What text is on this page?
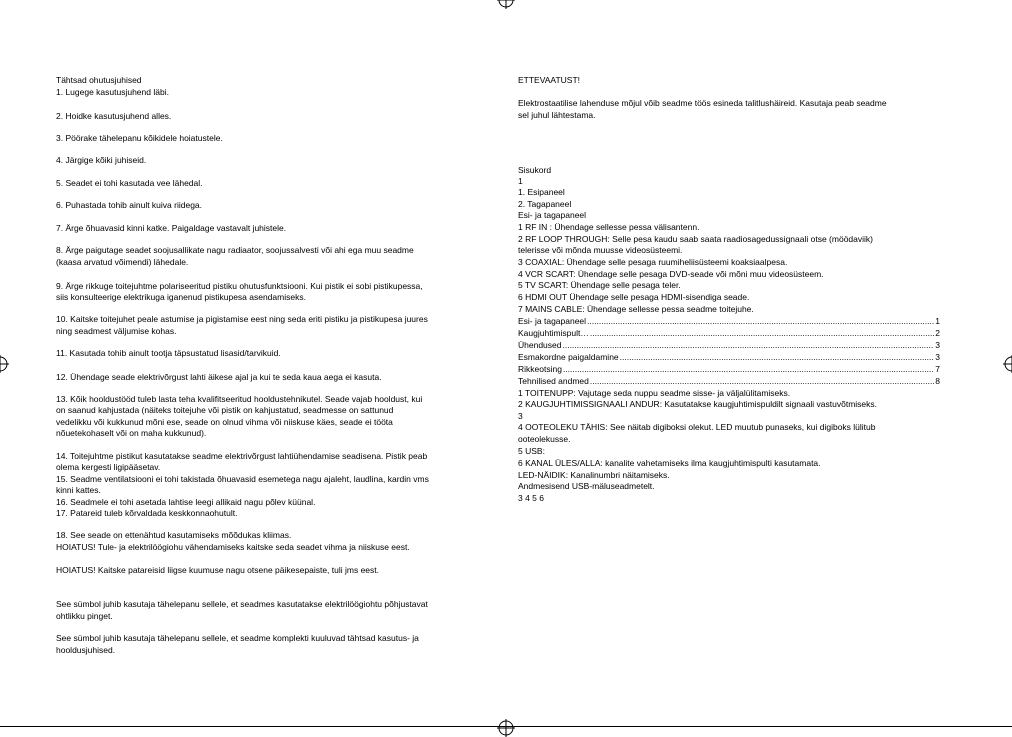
Tähtsad ohutusjuhised
1. Lugege kasutusjuhend läbi.
2. Hoidke kasutusjuhend alles.
3. Pöörake tähelepanu kõikidele hoiatustele.
4. Järgige kõiki juhiseid.
5. Seadet ei tohi kasutada vee lähedal.
6. Puhastada tohib ainult kuiva riidega.
7. Ärge õhuavasid kinni katke. Paigaldage vastavalt juhistele.
8. Ärge paigutage seadet soojusallikate nagu radiaator, soojussalvesti või ahi ega muu seadme
(kaasa arvatud võimendi) lähedale.
9. Ärge rikkuge toitejuhtme polariseeritud pistiku ohutusfunktsiooni. Kui pistik ei sobi pistikupessa,
siis konsulteerige elektrikuga iganenud pistikupesa asendamiseks.
10. Kaitske toitejuhet peale astumise ja pigistamise eest ning seda eriti pistiku ja pistikupesa juures
ning seadmest väljumise kohas.
11. Kasutada tohib ainult tootja täpsustatud lisasid/tarvikuid.
12. Ühendage seade elektrivõrgust lahti äikese ajal ja kui te seda kaua aega ei kasuta.
13. Kõik hooldustööd tuleb lasta teha kvalifitseeritud hooldustehnikutel. Seade vajab hooldust, kui
on saanud kahjustada (näiteks toitejuhe või pistik on kahjustatud, seadmesse on sattunud
vedelikku või kukkunud mõni ese, seade on olnud vihma või niiskuse käes, seade ei tööta
nõuetekohaselt või on maha kukkunud).
14. Toitejuhtme pistikut kasutatakse seadme elektrivõrgust lahtiühendamise seadisena. Pistik peab
olema kergesti ligipääsetav.
15. Seadme ventilatsiooni ei tohi takistada õhuavasid esemetega nagu ajaleht, laudlina, kardin vms
kinni kattes.
16. Seadmele ei tohi asetada lahtise leegi allikaid nagu põlev küünal.
17. Patareid tuleb kõrvaldada keskkonnaohutult.
18. See seade on ettenähtud kasutamiseks mõõdukas kliimas.
HOIATUS! Tule- ja elektrilöögiohu vähendamiseks kaitske seda seadet vihma ja niiskuse eest.
HOIATUS! Kaitske patareisid liigse kuumuse nagu otsene päikesepaiste, tuli jms eest.
See sümbol juhib kasutaja tähelepanu sellele, et seadmes kasutatakse elektrilöögiohtu põhjustavat
ohtlikku pinget.
See sümbol juhib kasutaja tähelepanu sellele, et seadme komplekti kuuluvad tähtsad kasutus- ja
hooldusjuhised.
ETTEVAATUST!
Elektrostaatilise lahenduse mõjul võib seadme töös esineda talitlushäireid. Kasutaja peab seadme
sel juhul lähtestama.
Sisukord
1
1. Esipaneel
2. Tagapaneel
Esi- ja tagapaneel
1 RF IN : Ühendage sellesse pessa välisantenn.
2 RF LOOP THROUGH: Selle pesa kaudu saab saata raadiosagedussignaali otse (möödaviik)
telerisse või mõnda muusse videosüsteemi.
3 COAXIAL: Ühendage selle pesaga ruumiheliisüsteemi koaksiaalpesa.
4 VCR SCART: Ühendage selle pesaga DVD-seade või mõni muu videosüsteem.
5 TV SCART: Ühendage selle pesaga teler.
6 HDMI OUT Ühendage selle pesaga HDMI-sisendiga seade.
7 MAINS CABLE: Ühendage sellesse pessa seadme toitejuhe.
Esi- ja tagapaneel .....	1
Kaugjuhtimispult… .....	2
Ühendused .....	3
Esmakordne paigaldamine .....	3
Rikkeotsing .....	7
Tehnilised andmed .....	8
1 TOITENUPP: Vajutage seda nuppu seadme sisse- ja väljalülitamiseks.
2 KAUGJUHTIMISSIGNAALI ANDUR: Kasutatakse kaugjuhtimispuldilt signaali vastuvõtmiseks.
3
4 OOTEOLEKU TÄHIS: See näitab digiboksi olekut. LED muutub punaseks, kui digiboks lülitub
ooteolekusse.
5 USB:
6 KANAL ÜLES/ALLA: kanalite vahetamiseks ilma kaugjuhtimispulti kasutamata.
LED-NÄIDIK: Kanalinumbri näitamiseks.
Andmesisend USB-mäluseadmetelt.
3 4 5 6
